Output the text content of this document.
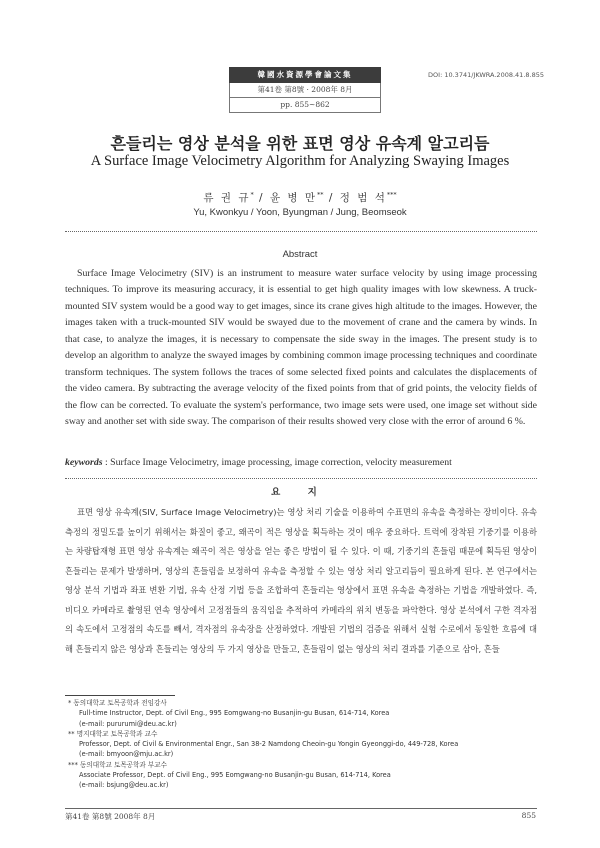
韓國水資源學會論文集
第41卷 第8號 · 2008年 8月
pp. 855~862
DOI: 10.3741/JKWRA.2008.41.8.855
흔들리는 영상 분석을 위한 표면 영상 유속계 알고리듬
A Surface Image Velocimetry Algorithm for Analyzing Swaying Images
류 권 규* / 윤 병 만** / 정 범 석***
Yu, Kwonkyu / Yoon, Byungman / Jung, Beomseok
Abstract

Surface Image Velocimetry (SIV) is an instrument to measure water surface velocity by using image processing techniques. To improve its measuring accuracy, it is essential to get high quality images with low skewness. A truck-mounted SIV system would be a good way to get images, since its crane gives high altitude to the images. However, the images taken with a truck-mounted SIV would be swayed due to the movement of crane and the camera by winds. In that case, to analyze the images, it is necessary to compensate the side sway in the images. The present study is to develop an algorithm to analyze the swayed images by combining common image processing techniques and coordinate transform techniques. The system follows the traces of some selected fixed points and calculates the displacements of the video camera. By subtracting the average velocity of the fixed points from that of grid points, the velocity fields of the flow can be corrected. To evaluate the system's performance, two image sets were used, one image set without side sway and another set with side sway. The comparison of their results showed very close with the error of around 6 %.

keywords : Surface Image Velocimetry, image processing, image correction, velocity measurement
요 지

표면 영상 유속계(SIV, Surface Image Velocimetry)는 영상 처리 기술을 이용하여 수표면의 유속을 측정하는 장비이다. 유속 측정의 정밀도를 높이기 위해서는 화질이 좋고, 왜곡이 적은 영상을 획득하는 것이 매우 중요하다. 트럭에 장착된 기중기를 이용하는 차량탑재형 표면 영상 유속계는 왜곡이 적은 영상을 얻는 좋은 방법이 될 수 있다. 이 때, 기중기의 흔들림 때문에 획득된 영상이 흔들리는 문제가 발생하며, 영상의 흔들림을 보정하여 유속을 측정할 수 있는 영상 처리 알고리듬이 필요하게 된다. 본 연구에서는 영상 분석 기법과 좌표 변환 기법, 유속 산정 기법 등을 조합하여 흔들리는 영상에서 표면 유속을 측정하는 기법을 개발하였다. 즉, 비디오 카메라로 촬영된 연속 영상에서 고정점들의 움직임을 추적하여 카메라의 위치 변동을 파악한다. 영상 분석에서 구한 격자점의 속도에서 고정점의 속도를 빼서, 격자점의 유속장을 산정하였다. 개발된 기법의 검증을 위해서 실험 수로에서 동일한 흐름에 대해 흔들리지 않은 영상과 흔들리는 영상의 두 가지 영상을 만들고, 흔들림이 없는 영상의 처리 결과를 기준으로 삼아, 흔들

* 동의대학교 토목공학과 전임강사
Full-time Instructor, Dept. of Civil Eng., 995 Eomgwang-no Busanjin-gu Busan, 614-714, Korea
(e-mail: pururumi@deu.ac.kr)
** 명지대학교 토목공학과 교수
Professor, Dept. of Civil & Environmental Engr., San 38-2 Namdong Cheoin-gu Yongin Gyeonggi-do, 449-728, Korea
(e-mail: bmyoon@mju.ac.kr)
*** 동의대학교 토목공학과 부교수
Associate Professor, Dept. of Civil Eng., 995 Eomgwang-no Busanjin-gu Busan, 614-714, Korea
(e-mail: bsjung@deu.ac.kr)
第41卷 第8號 2008年 8月	855
